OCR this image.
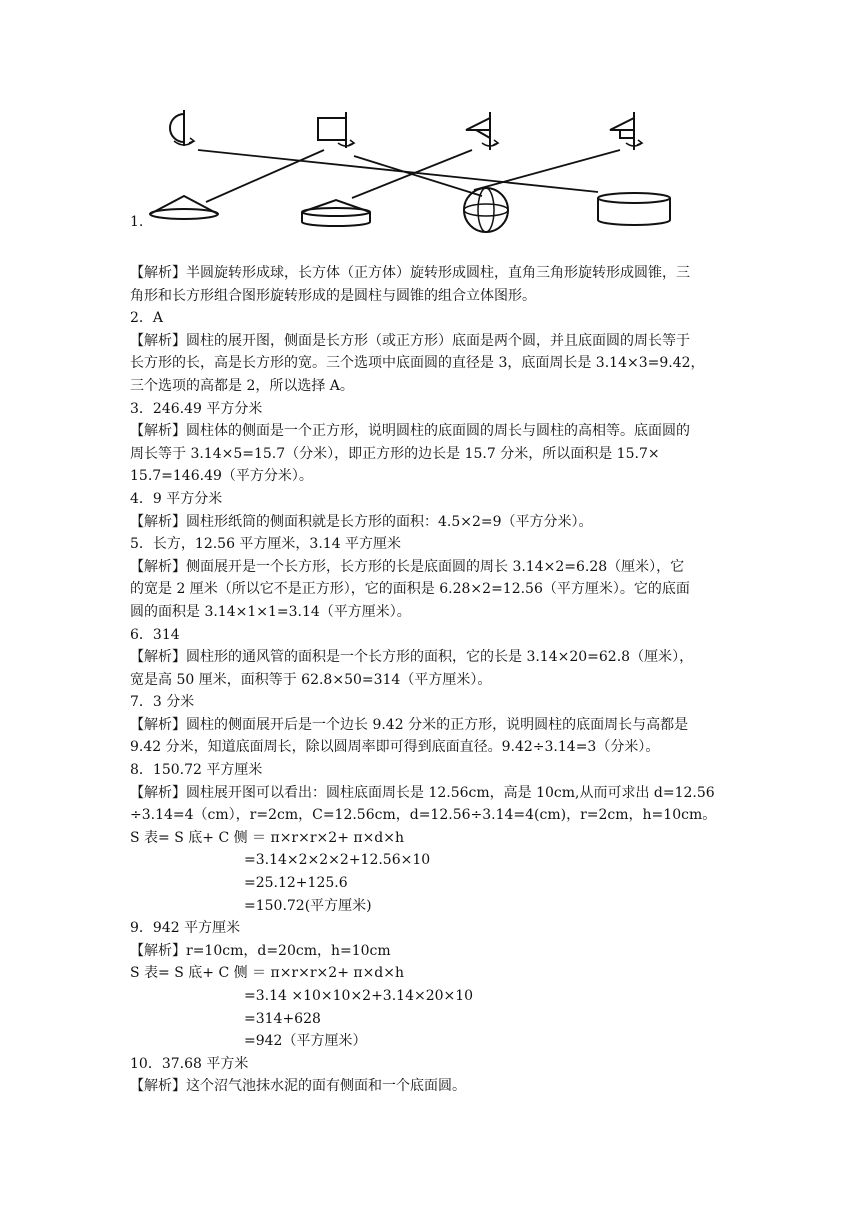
1.
【解析】半圆旋转形成球，长方体（正方体）旋转形成圆柱，直角三角形旋转形成圆锥，三
角形和长方形组合图形旋转形成的是圆柱与圆锥的组合立体图形。
2．A
【解析】圆柱的展开图，侧面是长方形（或正方形）底面是两个圆，并且底面圆的周长等于
长方形的长，高是长方形的宽。三个选项中底面圆的直径是 3，底面周长是 3.14×3=9.42，
三个选项的高都是 2，所以选择 A。
3．246.49 平方分米
【解析】圆柱体的侧面是一个正方形，说明圆柱的底面圆的周长与圆柱的高相等。底面圆的
周长等于 3.14×5=15.7（分米），即正方形的边长是 15.7 分米，所以面积是 15.7×
15.7=146.49（平方分米）。
4．9 平方分米
【解析】圆柱形纸筒的侧面积就是长方形的面积：4.5×2=9（平方分米）。
5．长方，12.56 平方厘米，3.14 平方厘米
【解析】侧面展开是一个长方形，长方形的长是底面圆的周长 3.14×2=6.28（厘米），它
的宽是 2 厘米（所以它不是正方形），它的面积是 6.28×2=12.56（平方厘米）。它的底面
圆的面积是 3.14×1×1=3.14（平方厘米）。
6．314
【解析】圆柱形的通风管的面积是一个长方形的面积，它的长是 3.14×20=62.8（厘米），
宽是高 50 厘米，面积等于 62.8×50=314（平方厘米）。
7．3 分米
【解析】圆柱的侧面展开后是一个边长 9.42 分米的正方形，说明圆柱的底面周长与高都是
9.42 分米，知道底面周长，除以圆周率即可得到底面直径。9.42÷3.14=3（分米）。
8．150.72 平方厘米
【解析】圆柱展开图可以看出：圆柱底面周长是 12.56cm，高是 10cm,从而可求出 d=12.56
÷3.14=4（cm），r=2cm，C=12.56cm，d=12.56÷3.14=4(cm)，r=2cm，h=10cm。
S 表= S 底+ C 侧 ＝ π×r×r×2+ π×d×h
=3.14×2×2×2+12.56×10
=25.12+125.6
=150.72(平方厘米)
9．942 平方厘米
【解析】r=10cm，d=20cm，h=10cm
S 表= S 底+ C 侧 ＝ π×r×r×2+ π×d×h
=3.14 ×10×10×2+3.14×20×10
=314+628
=942（平方厘米）
10．37.68 平方米
【解析】这个沼气池抹水泥的面有侧面和一个底面圆。
